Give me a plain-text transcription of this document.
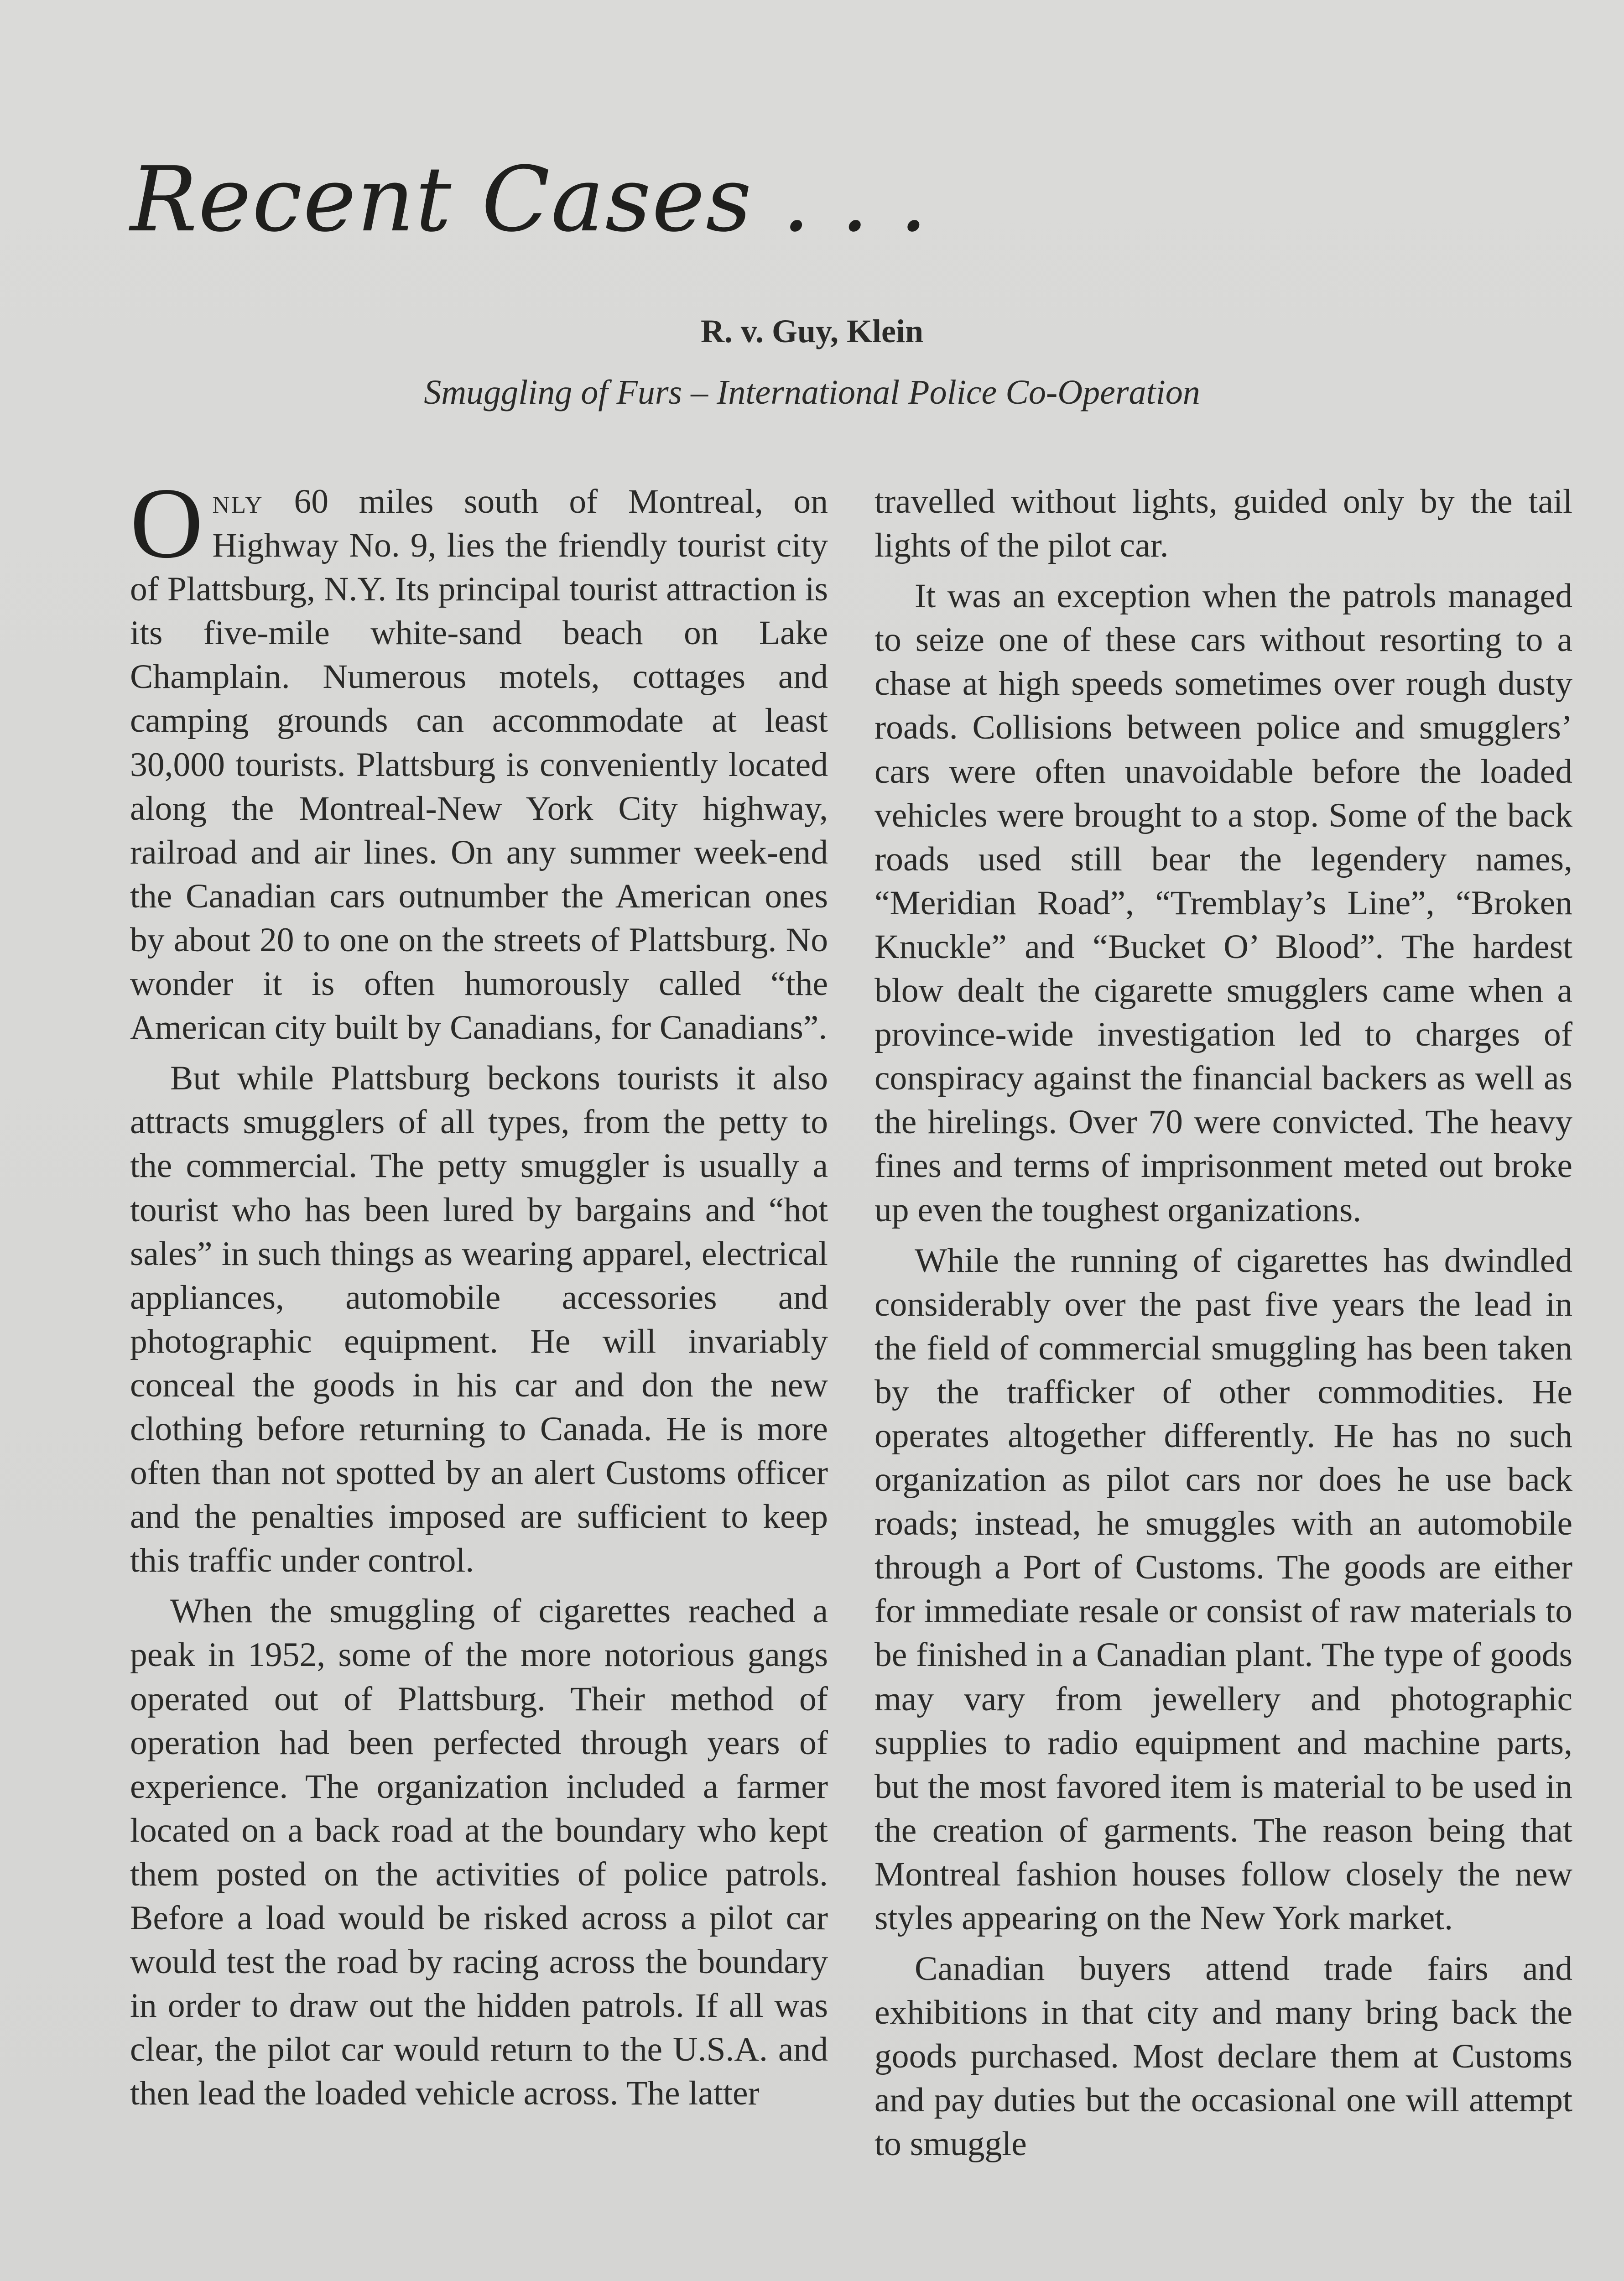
Recent Cases . . .
R. v. Guy, Klein
Smuggling of Furs – International Police Co-Operation

Only 60 miles south of Montreal, on Highway No. 9, lies the friendly tourist city of Plattsburg, N.Y. Its principal tourist attraction is its five-mile white-sand beach on Lake Champlain. Numerous motels, cottages and camping grounds can accommodate at least 30,000 tourists. Plattsburg is conveniently located along the Montreal-New York City highway, railroad and air lines. On any summer week-end the Canadian cars outnumber the American ones by about 20 to one on the streets of Plattsburg. No wonder it is often humorously called “the American city built by Canadians, for Canadians”.

But while Plattsburg beckons tourists it also attracts smugglers of all types, from the petty to the commercial. The petty smuggler is usually a tourist who has been lured by bargains and “hot sales” in such things as wearing apparel, electrical appliances, automobile accessories and photographic equipment. He will invariably conceal the goods in his car and don the new clothing before returning to Canada. He is more often than not spotted by an alert Customs officer and the penalties imposed are sufficient to keep this traffic under control.

When the smuggling of cigarettes reached a peak in 1952, some of the more notorious gangs operated out of Plattsburg. Their method of operation had been perfected through years of experience. The organization included a farmer located on a back road at the boundary who kept them posted on the activities of police patrols. Before a load would be risked across a pilot car would test the road by racing across the boundary in order to draw out the hidden patrols. If all was clear, the pilot car would return to the U.S.A. and then lead the loaded vehicle across. The latter

travelled without lights, guided only by the tail lights of the pilot car.

It was an exception when the patrols managed to seize one of these cars without resorting to a chase at high speeds sometimes over rough dusty roads. Collisions between police and smugglers’ cars were often unavoidable before the loaded vehicles were brought to a stop. Some of the back roads used still bear the legendery names, “Meridian Road”, “Tremblay’s Line”, “Broken Knuckle” and “Bucket O’ Blood”. The hardest blow dealt the cigarette smugglers came when a province-wide investigation led to charges of conspiracy against the financial backers as well as the hirelings. Over 70 were convicted. The heavy fines and terms of imprisonment meted out broke up even the toughest organizations.

While the running of cigarettes has dwindled considerably over the past five years the lead in the field of commercial smuggling has been taken by the trafficker of other commodities. He operates altogether differently. He has no such organization as pilot cars nor does he use back roads; instead, he smuggles with an automobile through a Port of Customs. The goods are either for immediate resale or consist of raw materials to be finished in a Canadian plant. The type of goods may vary from jewellery and photographic supplies to radio equipment and machine parts, but the most favored item is material to be used in the creation of garments. The reason being that Montreal fashion houses follow closely the new styles appearing on the New York market.

Canadian buyers attend trade fairs and exhibitions in that city and many bring back the goods purchased. Most declare them at Customs and pay duties but the occasional one will attempt to smuggle
